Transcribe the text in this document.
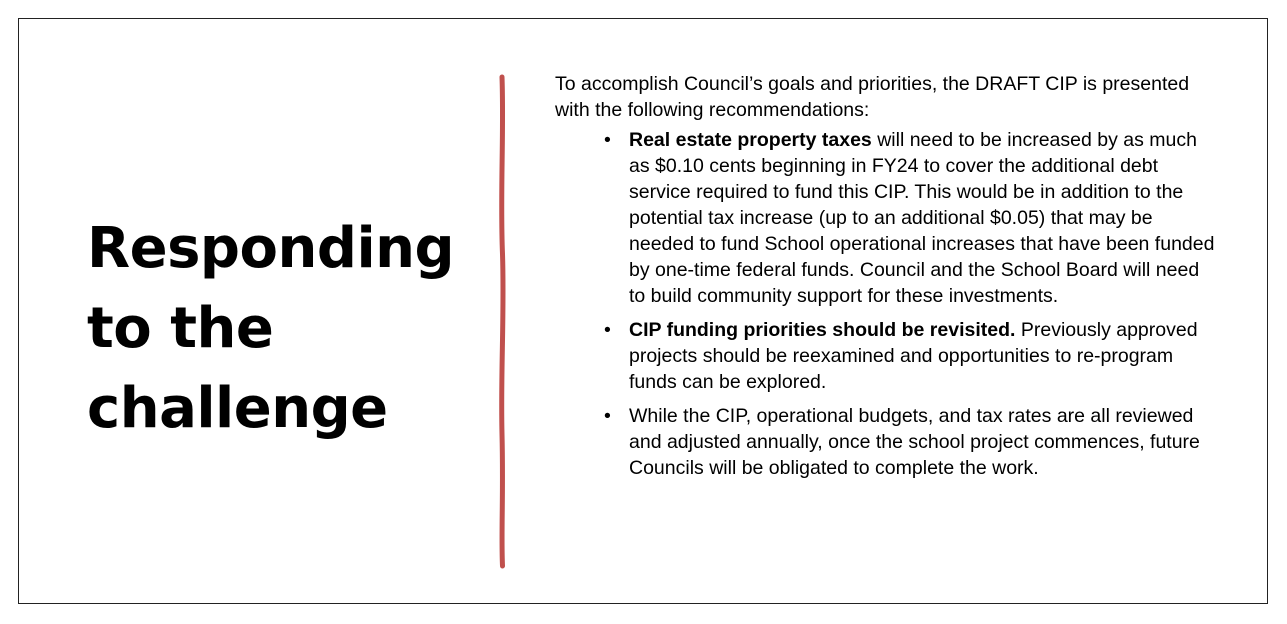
Responding
to the
challenge

To accomplish Council’s goals and priorities, the DRAFT CIP is presented with the following recommendations:

• Real estate property taxes will need to be increased by as much as $0.10 cents beginning in FY24 to cover the additional debt service required to fund this CIP. This would be in addition to the potential tax increase (up to an additional $0.05) that may be needed to fund School operational increases that have been funded by one-time federal funds. Council and the School Board will need to build community support for these investments.
• CIP funding priorities should be revisited. Previously approved projects should be reexamined and opportunities to re-program funds can be explored.
• While the CIP, operational budgets, and tax rates are all reviewed and adjusted annually, once the school project commences, future Councils will be obligated to complete the work.
